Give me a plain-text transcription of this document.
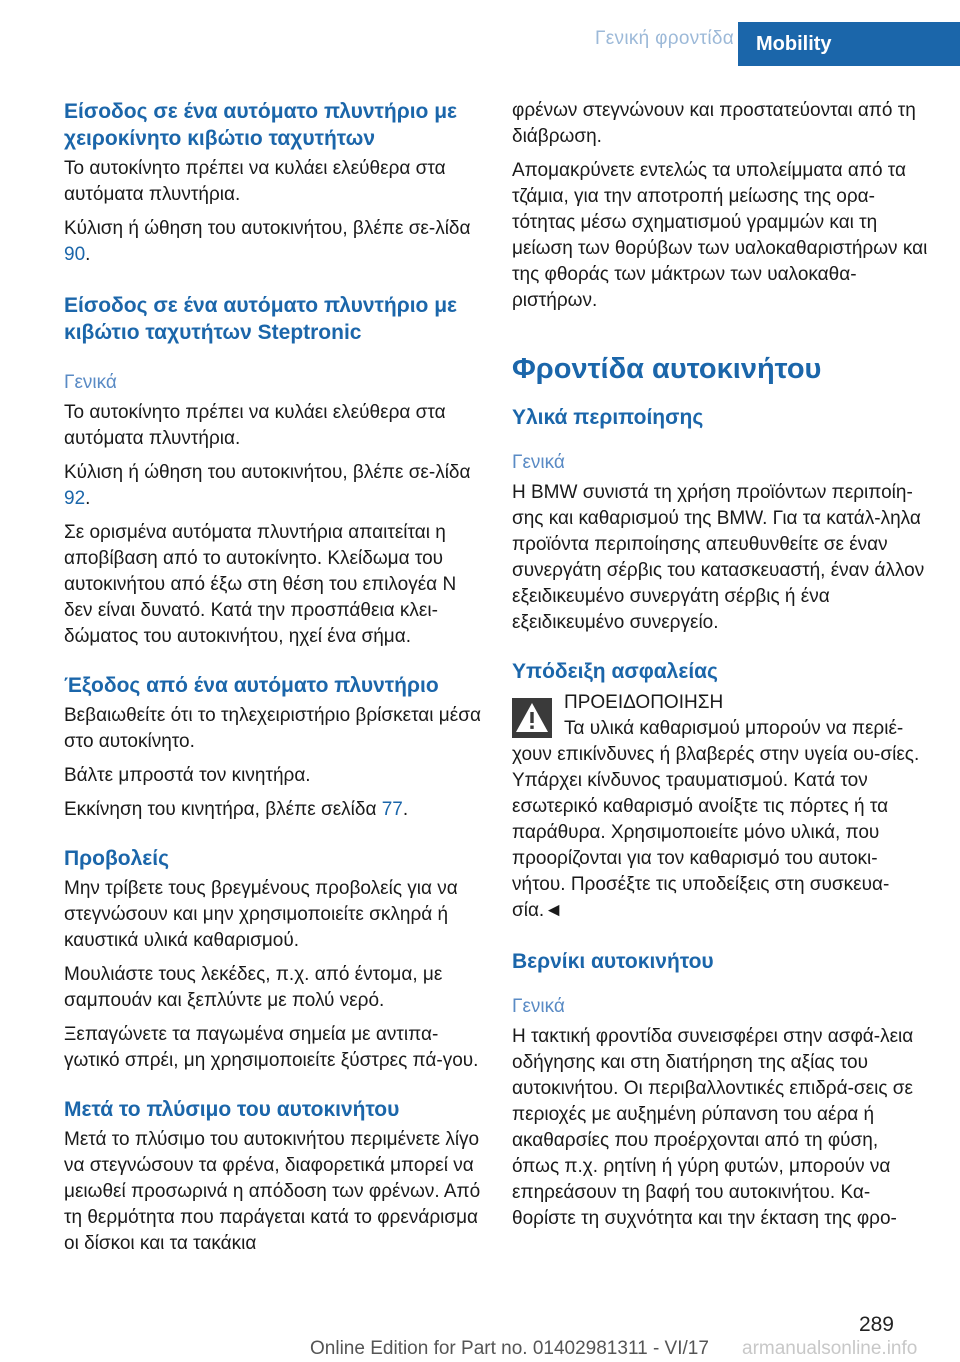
Γενική φροντίδα	Mobility
Είσοδος σε ένα αυτόματο πλυντήριο με χειροκίνητο κιβώτιο ταχυτήτων

Το αυτοκίνητο πρέπει να κυλάει ελεύθερα στα αυτόματα πλυντήρια.

Κύλιση ή ώθηση του αυτοκινήτου, βλέπε σε-λίδα 90.

Είσοδος σε ένα αυτόματο πλυντήριο με κιβώτιο ταχυτήτων Steptronic
Γενικά

Το αυτοκίνητο πρέπει να κυλάει ελεύθερα στα αυτόματα πλυντήρια.

Κύλιση ή ώθηση του αυτοκινήτου, βλέπε σε-λίδα 92.

Σε ορισμένα αυτόματα πλυντήρια απαιτείται η αποβίβαση από το αυτοκίνητο. Κλείδωμα του αυτοκινήτου από έξω στη θέση του επιλογέα N δεν είναι δυνατό. Κατά την προσπάθεια κλει-δώματος του αυτοκινήτου, ηχεί ένα σήμα.

Έξοδος από ένα αυτόματο πλυντήριο

Βεβαιωθείτε ότι το τηλεχειριστήριο βρίσκεται μέσα στο αυτοκίνητο.

Βάλτε μπροστά τον κινητήρα.

Εκκίνηση του κινητήρα, βλέπε σελίδα 77.

Προβολείς

Μην τρίβετε τους βρεγμένους προβολείς για να στεγνώσουν και μην χρησιμοποιείτε σκληρά ή καυστικά υλικά καθαρισμού.

Μουλιάστε τους λεκέδες, π.χ. από έντομα, με σαμπουάν και ξεπλύντε με πολύ νερό.

Ξεπαγώνετε τα παγωμένα σημεία με αντιπα-γωτικό σπρέι, μη χρησιμοποιείτε ξύστρες πά-γου.

Μετά το πλύσιμο του αυτοκινήτου

Μετά το πλύσιμο του αυτοκινήτου περιμένετε λίγο να στεγνώσουν τα φρένα, διαφορετικά μπορεί να μειωθεί προσωρινά η απόδοση των φρένων. Από τη θερμότητα που παράγεται κατά το φρενάρισμα οι δίσκοι και τα τακάκια

φρένων στεγνώνουν και προστατεύονται από τη διάβρωση.

Απομακρύνετε εντελώς τα υπολείμματα από τα τζάμια, για την αποτροπή μείωσης της ορα-τότητας μέσω σχηματισμού γραμμών και τη μείωση των θορύβων των υαλοκαθαριστήρων και της φθοράς των μάκτρων των υαλοκαθα-ριστήρων.

Φροντίδα αυτοκινήτου
Υλικά περιποίησης
Γενικά

Η BMW συνιστά τη χρήση προϊόντων περιποίη-σης και καθαρισμού της BMW. Για τα κατάλ-ληλα προϊόντα περιποίησης απευθυνθείτε σε έναν συνεργάτη σέρβις του κατασκευαστή, έναν άλλον εξειδικευμένο συνεργάτη σέρβις ή ένα εξειδικευμένο συνεργείο.

Υπόδειξη ασφαλείας
ΠΡΟΕΙΔΟΠΟΙΗΣΗ
Τα υλικά καθαρισμού μπορούν να περιέ-

χουν επικίνδυνες ή βλαβερές στην υγεία ου-σίες. Υπάρχει κίνδυνος τραυματισμού. Κατά τον εσωτερικό καθαρισμό ανοίξτε τις πόρτες ή τα παράθυρα. Χρησιμοποιείτε μόνο υλικά, που προορίζονται για τον καθαρισμό του αυτοκι-νήτου. Προσέξτε τις υποδείξεις στη συσκευα-σία.◄

Βερνίκι αυτοκινήτου
Γενικά

Η τακτική φροντίδα συνεισφέρει στην ασφά-λεια οδήγησης και στη διατήρηση της αξίας του αυτοκινήτου. Οι περιβαλλοντικές επιδρά-σεις σε περιοχές με αυξημένη ρύπανση του αέρα ή ακαθαρσίες που προέρχονται από τη φύση, όπως π.χ. ρητίνη ή γύρη φυτών, μπορούν να επηρεάσουν τη βαφή του αυτοκινήτου. Κα-θορίστε τη συχνότητα και την έκταση της φρο-

289
Online Edition for Part no. 01402981311 - VI/17 armanualsonline.info
